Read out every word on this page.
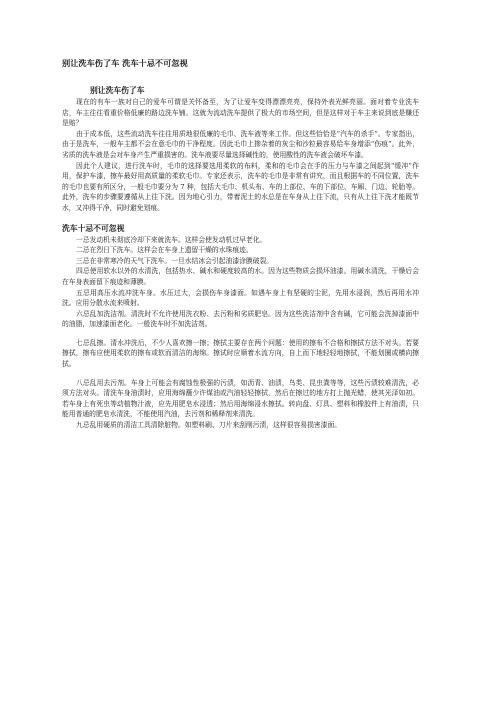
别让洗车伤了车 洗车十忌不可忽视
别让洗车伤了车

现在的有车一族对自己的爱车可谓是关怀备至，为了让爱车变得漂漂亮亮，保持外表光鲜亮丽。面对着专业洗车店，车主往往看重价格低廉的路边洗车铺。这就为流动洗车提供了极大的市场空间，但是这样对于车主来说到底是赚还是赔？

由于成本低，这些流动洗车往往用质地很低廉的毛巾、洗车液等来工作。但这些恰恰是“汽车的杀手”。专家指出，由于是洗车，一般车主都不会在意毛巾的干净程度。因此毛巾上掺杂着的灰尘和沙粒最容易给车身增添“伤痕”。此外，劣质的洗车液是会对车身产生严重损害的。洗车液要尽量选择碱性的，使用酸性的洗车液会破坏车漆。

因此个人建议，进行洗车时，毛巾的选择要选用柔软的布料，柔和的毛巾会在手的压力与车漆之间起到“缓冲”作用，保护车漆，擦车最好用高质量的柔软毛巾。专家还表示，洗车的毛巾是非常有讲究，而且根据车的不同位置，洗车的毛巾也要有所区分，一般毛巾要分为 7 种，包括大毛巾、机头布、车的上部位、车的下部位、车厢、门边、轮胎等。此外，洗车的步骤要遵循从上往下洗。因为地心引力，带着泥土的水总是在车身从上往下流，只有从上往下洗才能既节水，又冲得干净，同时避免划痕。

洗车十忌不可忽视

一忌发动机未彻底冷却下来就洗车。这样会使发动机过早老化。

二忌在烈日下洗车。这样会在车身上遗留干燥的水珠痕迹。

三忌在非常寒冷的天气下洗车。一旦水结冰会引起油漆涂膜破裂。

四忌使用软水以外的水清洗，包括热水、碱水和硬度较高的水。因为这些物质会损坏油漆。用碱水清洗，干燥后会在车身表面留下痕迹和薄膜。

五忌用高压水流冲洗车身。水压过大，会损伤车身漆面。如遇车身上有坚硬的尘泥，先用水浸润，然后再用水冲洗。应用分散水流来喷射。

六忌乱加洗洁剂。清洗时不允许使用洗衣粉、去污粉和劣质肥皂。因为这些洗洁剂中含有碱，它可能会洗掉漆面中的油脂，加速漆面老化。一般洗车时不加洗洁剂。

七忌乱擦。清水冲洗后，不少人喜欢擦一擦；擦拭主要存在两个问题：使用的擦布不合格和擦拭方法不对头。若要擦拭，擦布应使用柔软的擦布或软而清洁的海绵。擦试时应顺着水流方向，自上而下地轻轻地擦拭，不能划圈或横向擦拭。

八忌乱用去污剂。车身上可能会有腐蚀性极强的污渍，如沥青、油渍，鸟类、昆虫粪等等，这些污渍较难清洗，必须方法对头。清洗车身油渍时，应用海绵蘸少许煤油或汽油轻轻擦拭，然后在擦过的地方打上抛光蜡，使其光泽如初。若车身上有死虫等动植物汁液，应先用肥皂水浸透；然后用海绵浸水擦拭。转向盘、灯具、塑料和橡胶件上有油渍，只能用普通的肥皂水清洗，不能使用汽油，去污剂和稀释剂来清洗。

九忌乱用硬质的清洁工具清除脏物。如塑料刷、刀片来刮削污渍，这样很容易损害漆面。
